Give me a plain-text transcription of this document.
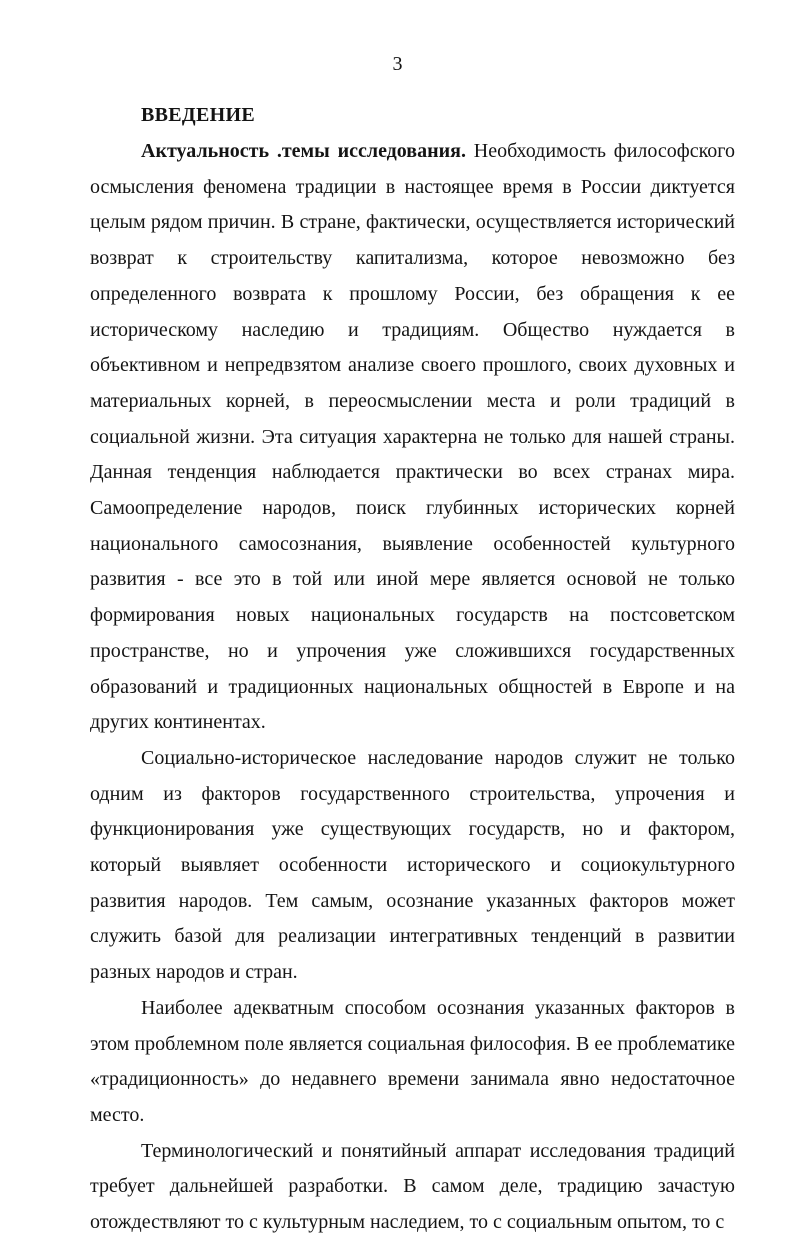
3
ВВЕДЕНИЕ

Актуальность .темы исследования. Необходимость философского осмысления феномена традиции в настоящее время в России диктуется целым рядом причин. В стране, фактически, осуществляется исторический возврат к строительству капитализма, которое невозможно без определенного возврата к прошлому России, без обращения к ее историческому наследию и традициям. Общество нуждается в объективном и непредвзятом анализе своего прошлого, своих духовных и материальных корней, в переосмыслении места и роли традиций в социальной жизни. Эта ситуация характерна не только для нашей страны. Данная тенденция наблюдается практически во всех странах мира. Самоопределение народов, поиск глубинных исторических корней национального самосознания, выявление особенностей культурного развития - все это в той или иной мере является основой не только формирования новых национальных государств на постсоветском пространстве, но и упрочения уже сложившихся государственных образований и традиционных национальных общностей в Европе и на других континентах.

Социально-историческое наследование народов служит не только одним из факторов государственного строительства, упрочения и функционирования уже существующих государств, но и фактором, который выявляет особенности исторического и социокультурного развития народов. Тем самым, осознание указанных факторов может служить базой для реализации интегративных тенденций в развитии разных народов и стран.

Наиболее адекватным способом осознания указанных факторов в этом проблемном поле является социальная философия. В ее проблематике «традиционность» до недавнего времени занимала явно недостаточное место.

Терминологический и понятийный аппарат исследования традиций требует дальнейшей разработки. В самом деле, традицию зачастую отождествляют то с культурным наследием, то с социальным опытом, то с
